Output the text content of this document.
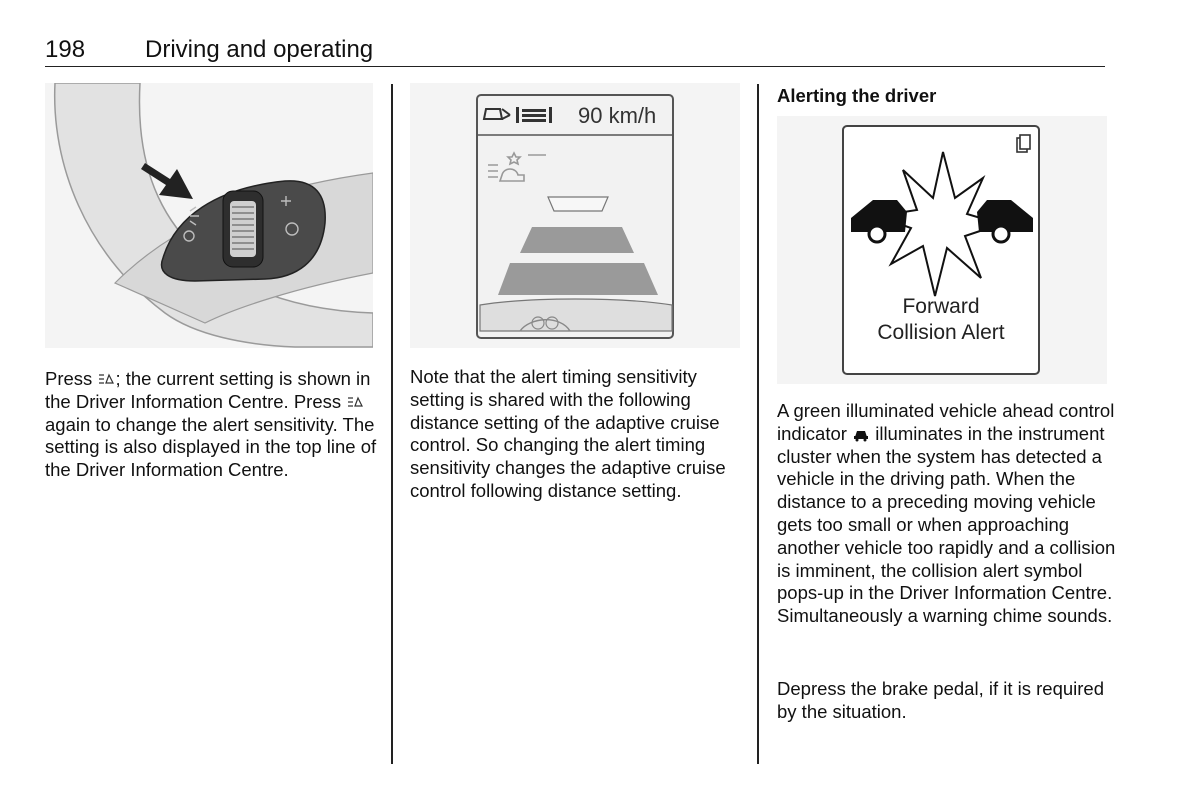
198 Driving and operating

Press ; the current setting is shown in the Driver Information Centre. Press  again to change the alert sensitivity. The setting is also displayed in the top line of the Driver Information Centre.

90 km/h

Note that the alert timing sensitivity setting is shared with the following distance setting of the adaptive cruise control. So changing the alert timing sensitivity changes the adaptive cruise control following distance setting.

Alerting the driver
Forward
Collision Alert

A green illuminated vehicle ahead control indicator  illuminates in the instrument cluster when the system has detected a vehicle in the driving path. When the distance to a preceding moving vehicle gets too small or when approaching another vehicle too rapidly and a collision is imminent, the collision alert symbol pops-up in the Driver Information Centre. Simultaneously a warning chime sounds.

Depress the brake pedal, if it is required by the situation.
